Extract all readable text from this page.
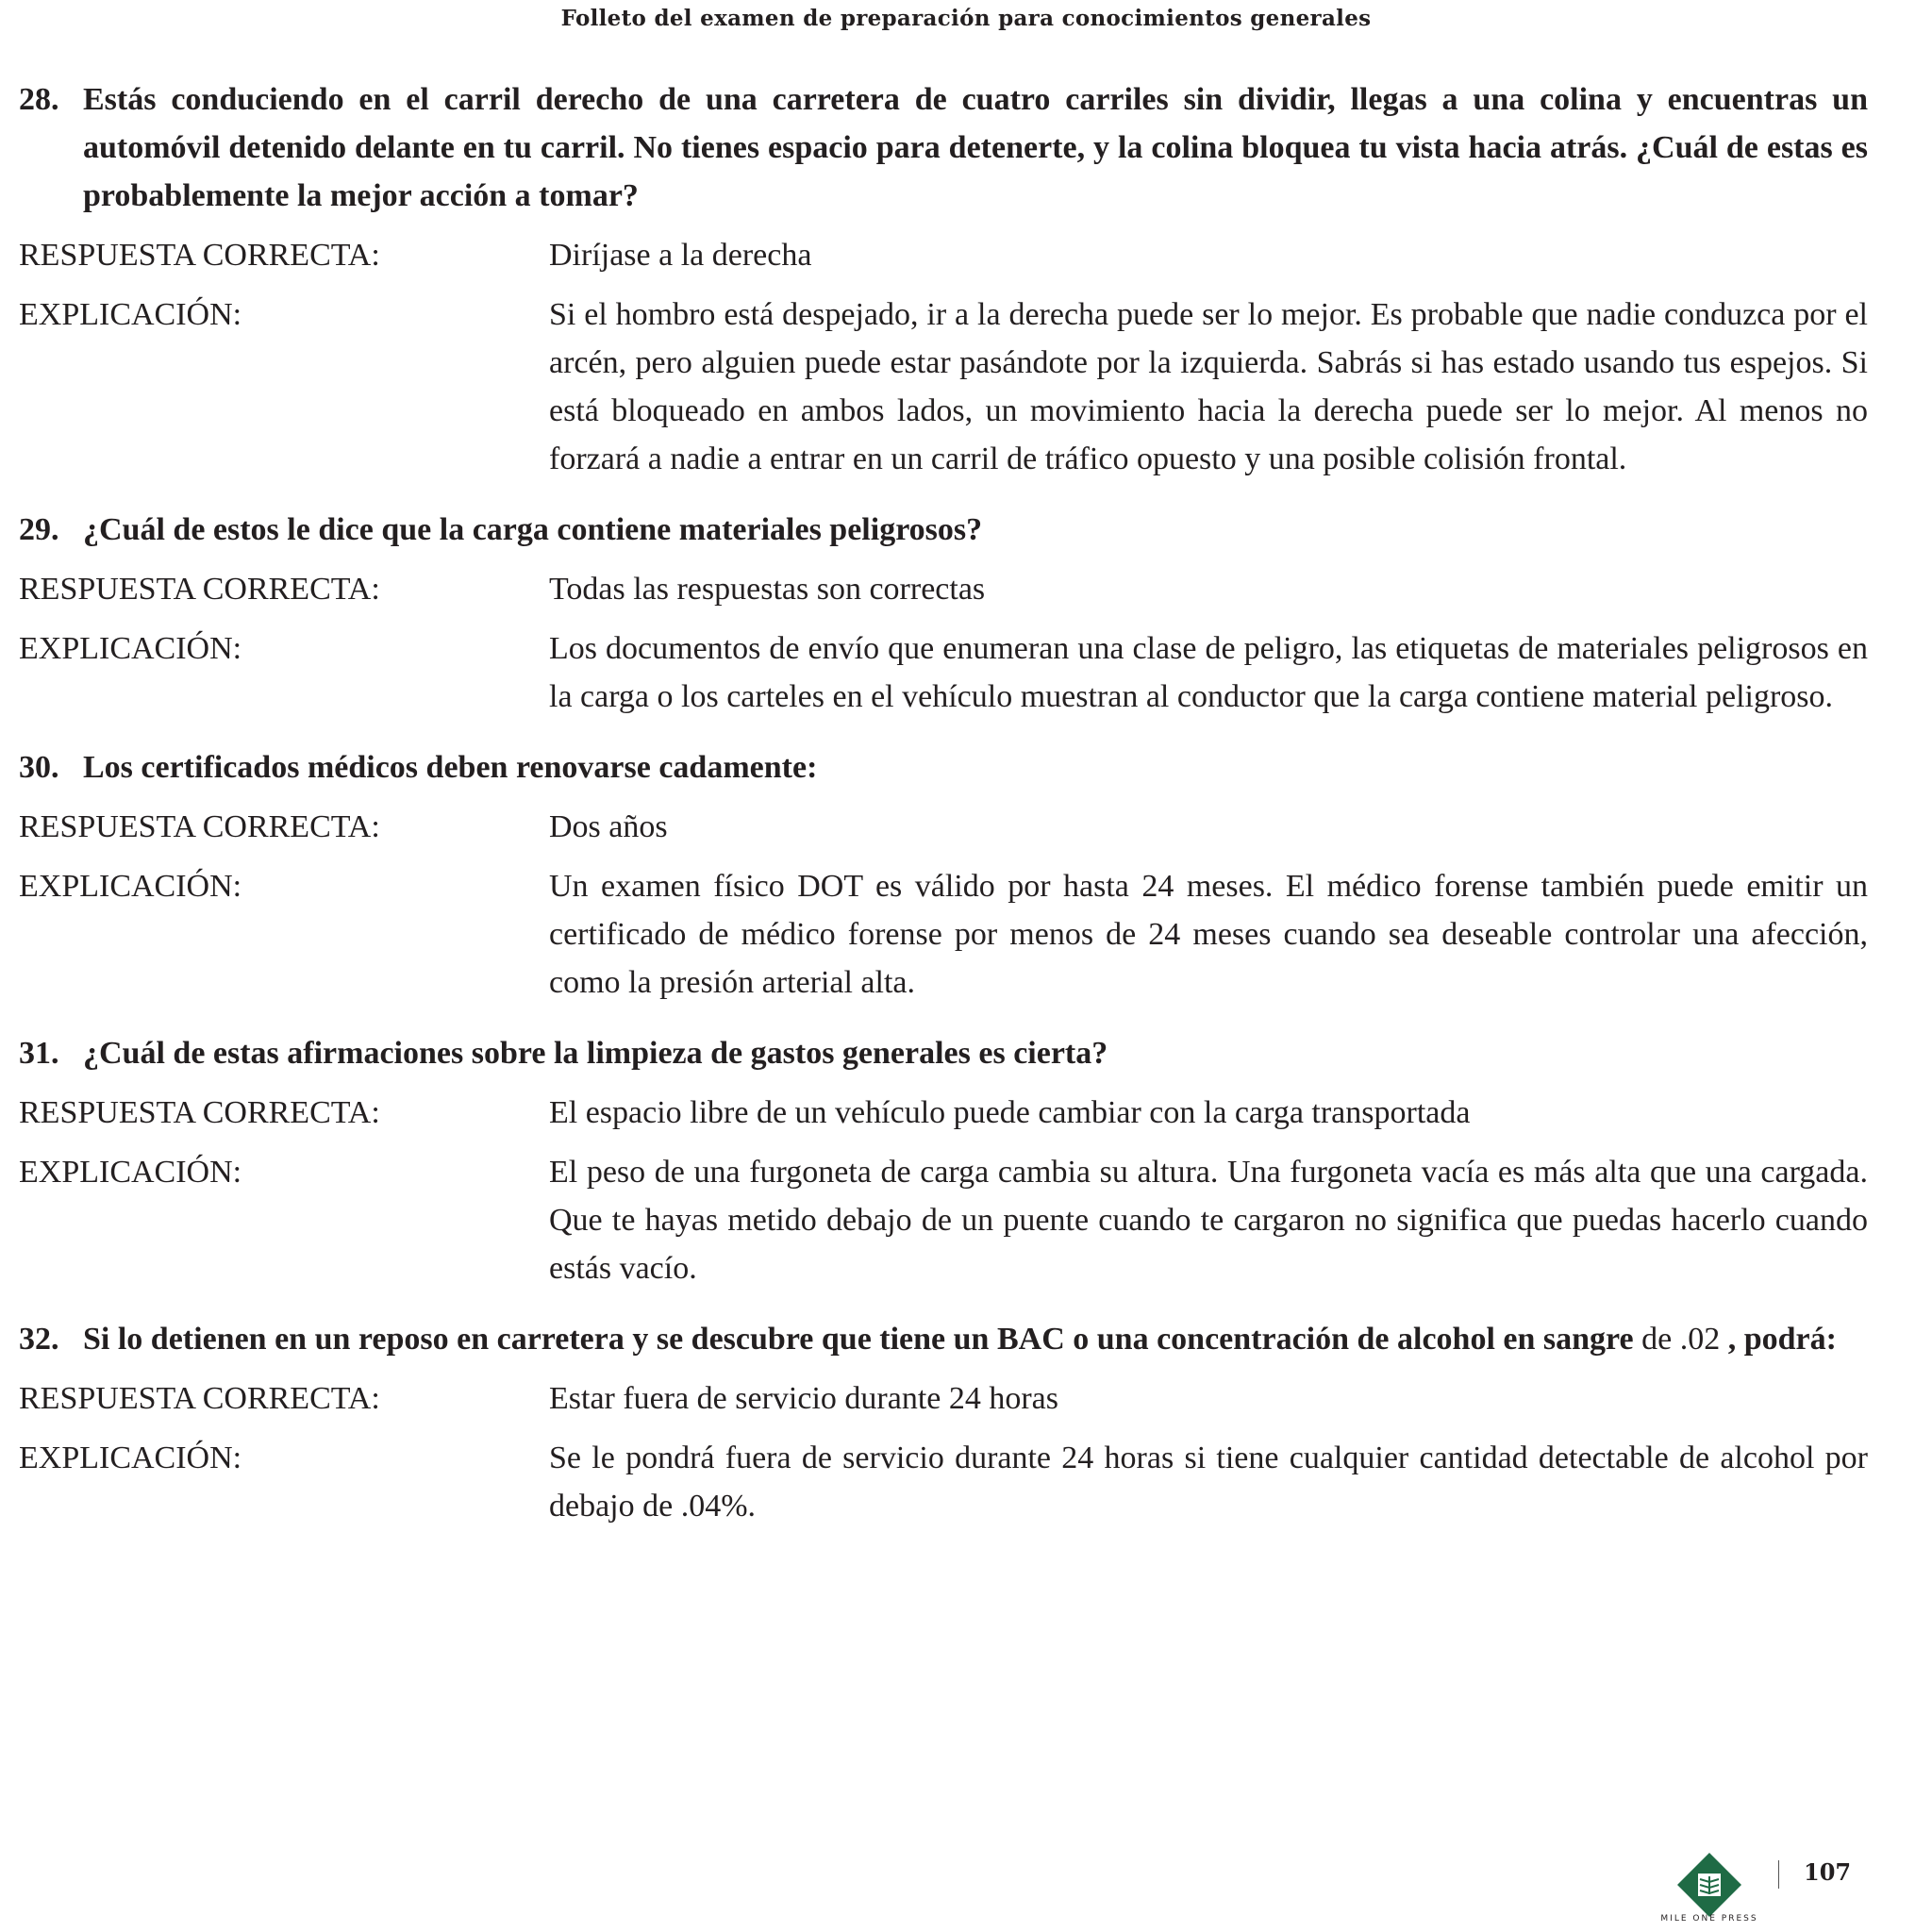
Folleto del examen de preparación para conocimientos generales
28. Estás conduciendo en el carril derecho de una carretera de cuatro carriles sin dividir, llegas a una colina y encuentras un automóvil detenido delante en tu carril. No tienes espacio para detenerte, y la colina bloquea tu vista hacia atrás. ¿Cuál de estas es probablemente la mejor acción a tomar?
RESPUESTA CORRECTA:	Diríjase a la derecha
EXPLICACIÓN:	Si el hombro está despejado, ir a la derecha puede ser lo mejor. Es probable que nadie conduzca por el arcén, pero alguien puede estar pasándote por la izquierda. Sabrás si has estado usando tus espejos. Si está bloqueado en ambos lados, un movimiento hacia la derecha puede ser lo mejor. Al menos no forzará a nadie a entrar en un carril de tráfico opuesto y una posible colisión frontal.
29. ¿Cuál de estos le dice que la carga contiene materiales peligrosos?
RESPUESTA CORRECTA:	Todas las respuestas son correctas
EXPLICACIÓN:	Los documentos de envío que enumeran una clase de peligro, las etiquetas de materiales peligrosos en la carga o los carteles en el vehículo muestran al conductor que la carga contiene material peligroso.
30. Los certificados médicos deben renovarse cadamente:
RESPUESTA CORRECTA:	Dos años
EXPLICACIÓN:	Un examen físico DOT es válido por hasta 24 meses. El médico forense también puede emitir un certificado de médico forense por menos de 24 meses cuando sea deseable controlar una afección, como la presión arterial alta.
31. ¿Cuál de estas afirmaciones sobre la limpieza de gastos generales es cierta?
RESPUESTA CORRECTA:	El espacio libre de un vehículo puede cambiar con la carga transportada
EXPLICACIÓN:	El peso de una furgoneta de carga cambia su altura. Una furgoneta vacía es más alta que una cargada. Que te hayas metido debajo de un puente cuando te cargaron no significa que puedas hacerlo cuando estás vacío.
32. Si lo detienen en un reposo en carretera y se descubre que tiene un BAC o una concentración de alcohol en sangre de .02 , podrá:
RESPUESTA CORRECTA:	Estar fuera de servicio durante 24 horas
EXPLICACIÓN:	Se le pondrá fuera de servicio durante 24 horas si tiene cualquier cantidad detectable de alcohol por debajo de .04%.
MILE ONE PRESS
107
